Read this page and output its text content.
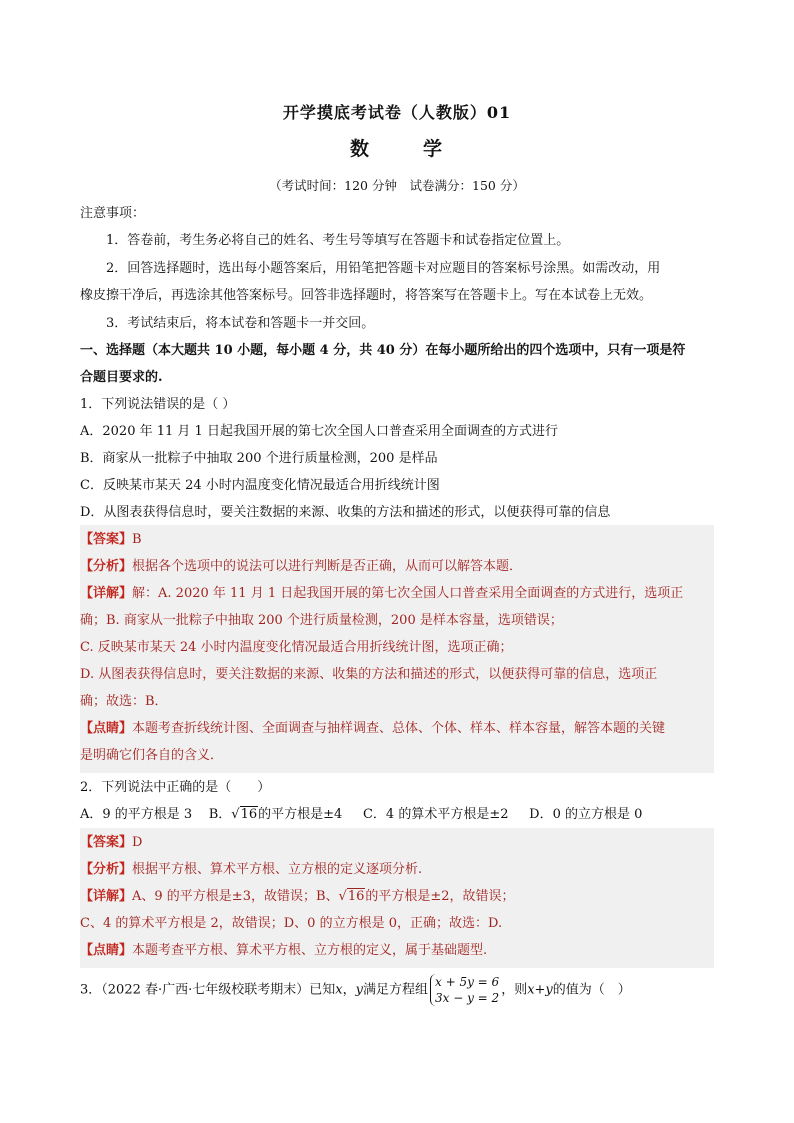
开学摸底考试卷（人教版）01
数	学
（考试时间：120 分钟　试卷满分：150 分）
注意事项：
1．答卷前，考生务必将自己的姓名、考生号等填写在答题卡和试卷指定位置上。
2．回答选择题时，选出每小题答案后，用铅笔把答题卡对应题目的答案标号涂黑。如需改动，用
橡皮擦干净后，再选涂其他答案标号。回答非选择题时，将答案写在答题卡上。写在本试卷上无效。
3．考试结束后，将本试卷和答题卡一并交回。
一、选择题（本大题共 10 小题，每小题 4 分，共 40 分）在每小题所给出的四个选项中，只有一项是符
合题目要求的.
1．下列说法错误的是（ ）
A．2020 年 11 月 1 日起我国开展的第七次全国人口普查采用全面调查的方式进行
B．商家从一批粽子中抽取 200 个进行质量检测，200 是样品
C．反映某市某天 24 小时内温度变化情况最适合用折线统计图
D．从图表获得信息时，要关注数据的来源、收集的方法和描述的形式，以便获得可靠的信息
【答案】B
【分析】根据各个选项中的说法可以进行判断是否正确，从而可以解答本题．
【详解】解：A. 2020 年 11 月 1 日起我国开展的第七次全国人口普查采用全面调查的方式进行，选项正
确；B. 商家从一批粽子中抽取 200 个进行质量检测，200 是样本容量，选项错误；
C. 反映某市某天 24 小时内温度变化情况最适合用折线统计图，选项正确；
D. 从图表获得信息时，要关注数据的来源、收集的方法和描述的形式，以便获得可靠的信息，选项正
确；故选：B．
【点睛】本题考查折线统计图、全面调查与抽样调查、总体、个体、样本、样本容量，解答本题的关键
是明确它们各自的含义．
2．下列说法中正确的是（　　）
A．9 的平方根是 3 B．√16的平方根是±4 C．4 的算术平方根是±2 D．0 的立方根是 0
【答案】D
【分析】根据平方根、算术平方根、立方根的定义逐项分析.
【详解】A、9 的平方根是±3，故错误；B、√16的平方根是±2，故错误；
C、4 的算术平方根是 2，故错误；D、0 的立方根是 0，正确；故选：D.
【点睛】本题考查平方根、算术平方根、立方根的定义，属于基础题型.
3．（2022 春·广西·七年级校联考期末）已知x，y满足方程组
x + 5y = 6
3x − y = 2
，则x+y的值为（　）
